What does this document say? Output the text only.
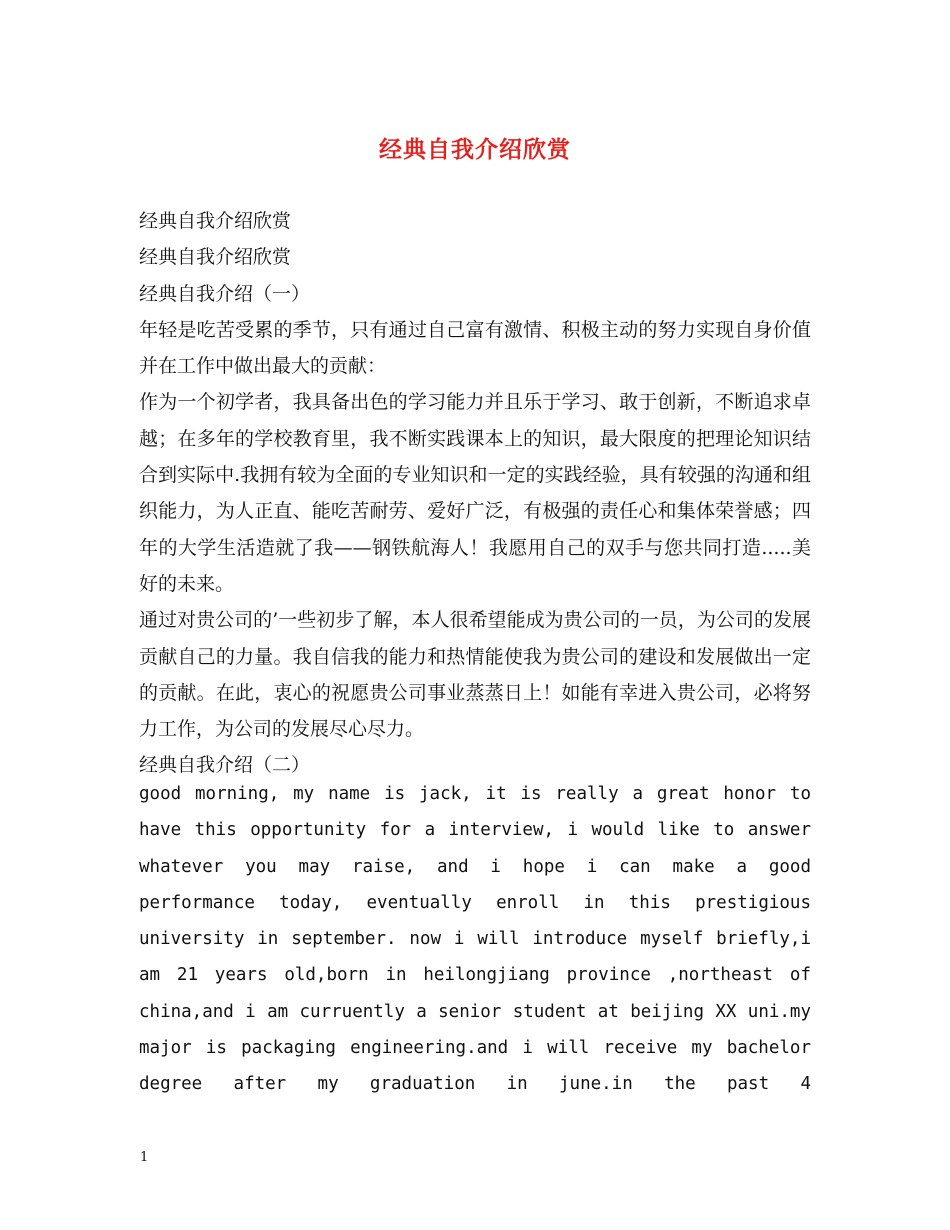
经典自我介绍欣赏

经典自我介绍欣赏

经典自我介绍欣赏

经典自我介绍（一）

年轻是吃苦受累的季节，只有通过自己富有激情、积极主动的努力实现自身价值并在工作中做出最大的贡献：

作为一个初学者，我具备出色的学习能力并且乐于学习、敢于创新，不断追求卓越；在多年的学校教育里，我不断实践课本上的知识，最大限度的把理论知识结合到实际中.我拥有较为全面的专业知识和一定的实践经验，具有较强的沟通和组织能力，为人正直、能吃苦耐劳、爱好广泛，有极强的责任心和集体荣誉感；四年的大学生活造就了我——钢铁航海人！我愿用自己的双手与您共同打造.....美好的未来。

通过对贵公司的’一些初步了解，本人很希望能成为贵公司的一员，为公司的发展贡献自己的力量。我自信我的能力和热情能使我为贵公司的建设和发展做出一定的贡献。在此，衷心的祝愿贵公司事业蒸蒸日上！如能有幸进入贵公司，必将努力工作，为公司的发展尽心尽力。

经典自我介绍（二）

good morning, my name is jack, it is really a great honor to have this opportunity for a interview, i would like to answer whatever you may raise, and i hope i can make a good performance today, eventually enroll in this prestigious university in september. now i will introduce myself briefly,i am 21 years old,born in heilongjiang province ,northeast of china,and i am curruently a senior student at beijing XX uni.my major is packaging engineering.and i will receive my bachelor degree after my graduation in june.in the past 4
1
